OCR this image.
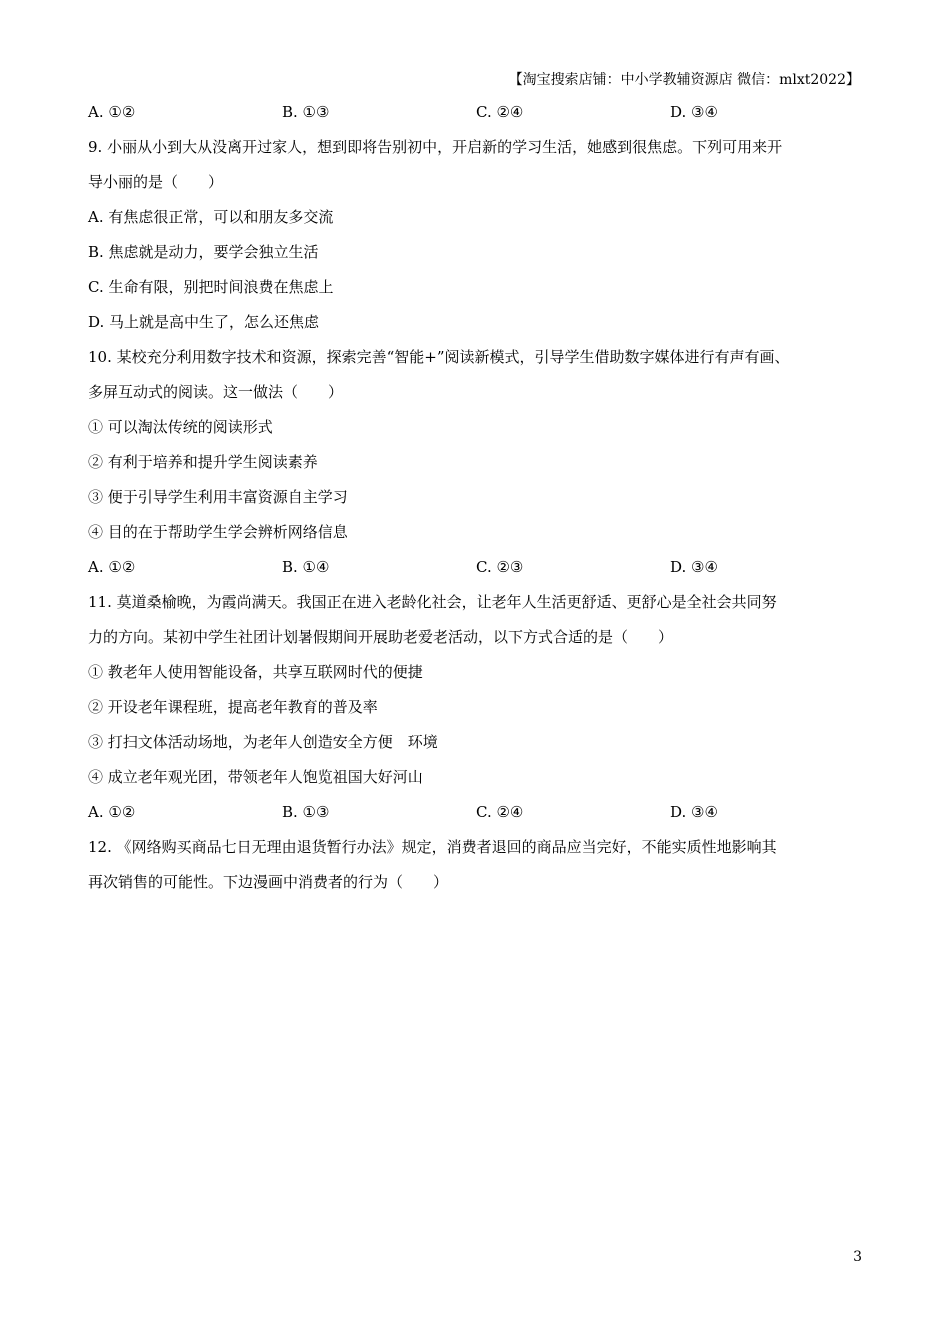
【淘宝搜索店铺：中小学教辅资源店 微信：mlxt2022】
A. ①②	B. ①③	C. ②④	D. ③④
9. 小丽从小到大从没离开过家人，想到即将告别初中，开启新的学习生活，她感到很焦虑。下列可用来开
导小丽的是（　　）
A. 有焦虑很正常，可以和朋友多交流
B. 焦虑就是动力，要学会独立生活
C. 生命有限，别把时间浪费在焦虑上
D. 马上就是高中生了，怎么还焦虑
10. 某校充分利用数字技术和资源，探索完善“智能+”阅读新模式，引导学生借助数字媒体进行有声有画、
多屏互动式的阅读。这一做法（　　）
① 可以淘汰传统的阅读形式
② 有利于培养和提升学生阅读素养
③ 便于引导学生利用丰富资源自主学习
④ 目的在于帮助学生学会辨析网络信息
A. ①②	B. ①④	C. ②③	D. ③④
11. 莫道桑榆晚，为霞尚满天。我国正在进入老龄化社会，让老年人生活更舒适、更舒心是全社会共同努
力的方向。某初中学生社团计划暑假期间开展助老爱老活动，以下方式合适的是（　　）
① 教老年人使用智能设备，共享互联网时代的便捷
② 开设老年课程班，提高老年教育的普及率
③ 打扫文体活动场地，为老年人创造安全方便　环境
④ 成立老年观光团，带领老年人饱览祖国大好河山
A. ①②	B. ①③	C. ②④	D. ③④
12. 《网络购买商品七日无理由退货暂行办法》规定，消费者退回的商品应当完好，不能实质性地影响其
再次销售的可能性。下边漫画中消费者的行为（　　）
3
